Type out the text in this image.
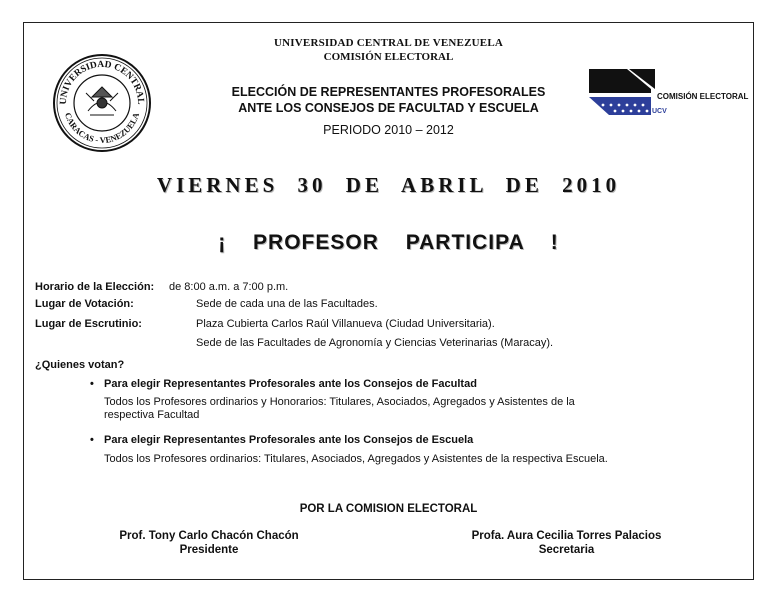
UNIVERSIDAD CENTRAL
CARACAS - VENEZUELA
COMISIÓN ELECTORAL
UCV
UNIVERSIDAD CENTRAL DE VENEZUELA
COMISIÓN ELECTORAL
ELECCIÓN DE REPRESENTANTES PROFESORALES
ANTE LOS CONSEJOS DE FACULTAD Y ESCUELA
PERIODO 2010 – 2012
VIERNES 30 DE ABRIL DE 2010
¡ PROFESOR PARTICIPA !
Horario de la Elección: de 8:00 a.m. a 7:00 p.m.
Lugar de Votación:	Sede de cada una de las Facultades.
Lugar de Escrutinio:	Plaza Cubierta Carlos Raúl Villanueva (Ciudad Universitaria).
Sede de las Facultades de Agronomía y Ciencias Veterinarias (Maracay).
¿Quienes votan?
• Para elegir Representantes Profesorales ante los Consejos de Facultad
Todos los Profesores ordinarios y Honorarios: Titulares, Asociados, Agregados y Asistentes de la respectiva Facultad
• Para elegir Representantes Profesorales ante los Consejos de Escuela
Todos los Profesores ordinarios: Titulares, Asociados, Agregados y Asistentes de la respectiva Escuela.
POR LA COMISION ELECTORAL
Prof. Tony Carlo Chacón Chacón
Presidente
Profa. Aura Cecilia Torres Palacios
Secretaria
